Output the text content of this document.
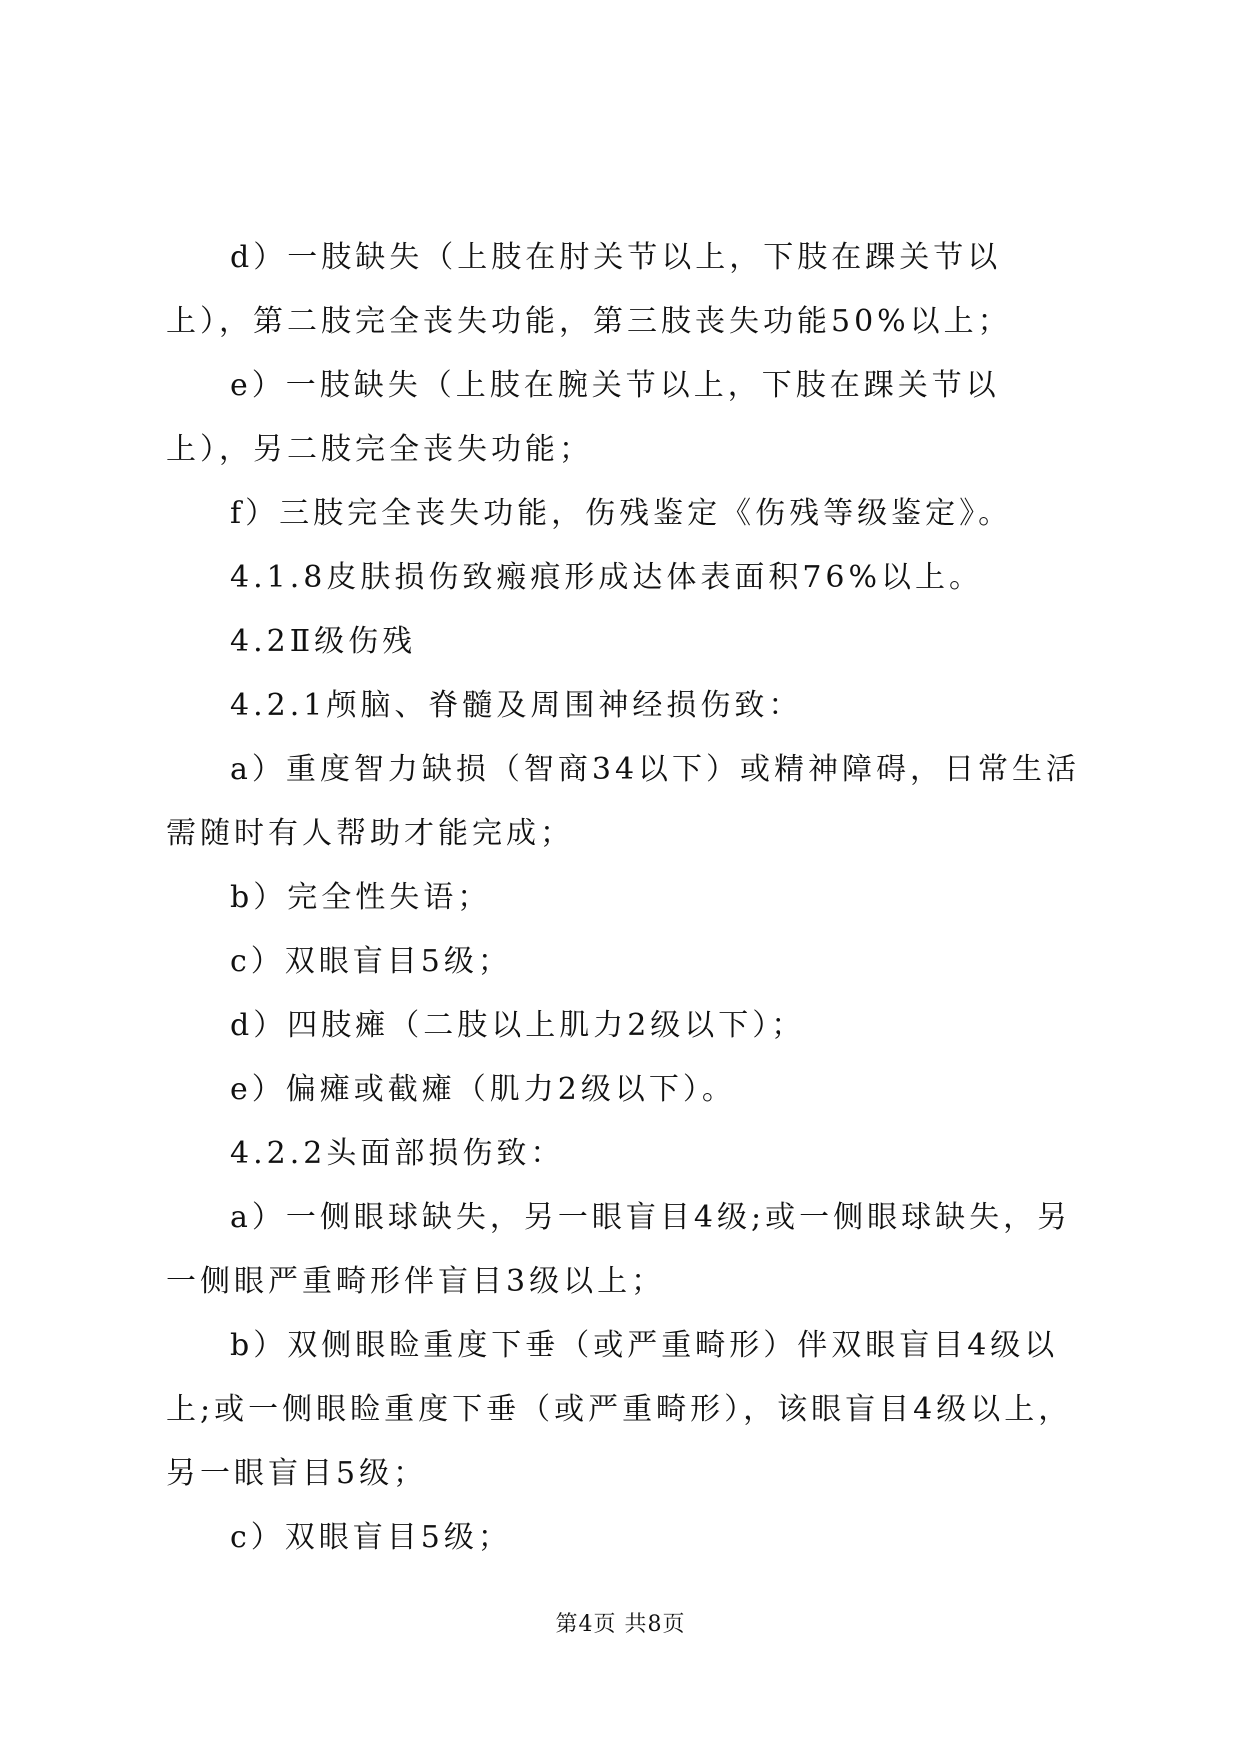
d）一肢缺失（上肢在肘关节以上，下肢在踝关节以上），第二肢完全丧失功能，第三肢丧失功能50%以上；

e）一肢缺失（上肢在腕关节以上，下肢在踝关节以上），另二肢完全丧失功能；

f）三肢完全丧失功能，伤残鉴定《伤残等级鉴定》。

4.1.8皮肤损伤致瘢痕形成达体表面积76%以上。

4.2Ⅱ级伤残

4.2.1颅脑、脊髓及周围神经损伤致：

a）重度智力缺损（智商34以下）或精神障碍，日常生活需随时有人帮助才能完成；

b）完全性失语；

c）双眼盲目5级；

d）四肢瘫（二肢以上肌力2级以下）；

e）偏瘫或截瘫（肌力2级以下）。

4.2.2头面部损伤致：

a）一侧眼球缺失，另一眼盲目4级;或一侧眼球缺失，另一侧眼严重畸形伴盲目3级以上；

b）双侧眼睑重度下垂（或严重畸形）伴双眼盲目4级以上;或一侧眼睑重度下垂（或严重畸形），该眼盲目4级以上，另一眼盲目5级；

c）双眼盲目5级；

第4页 共8页
